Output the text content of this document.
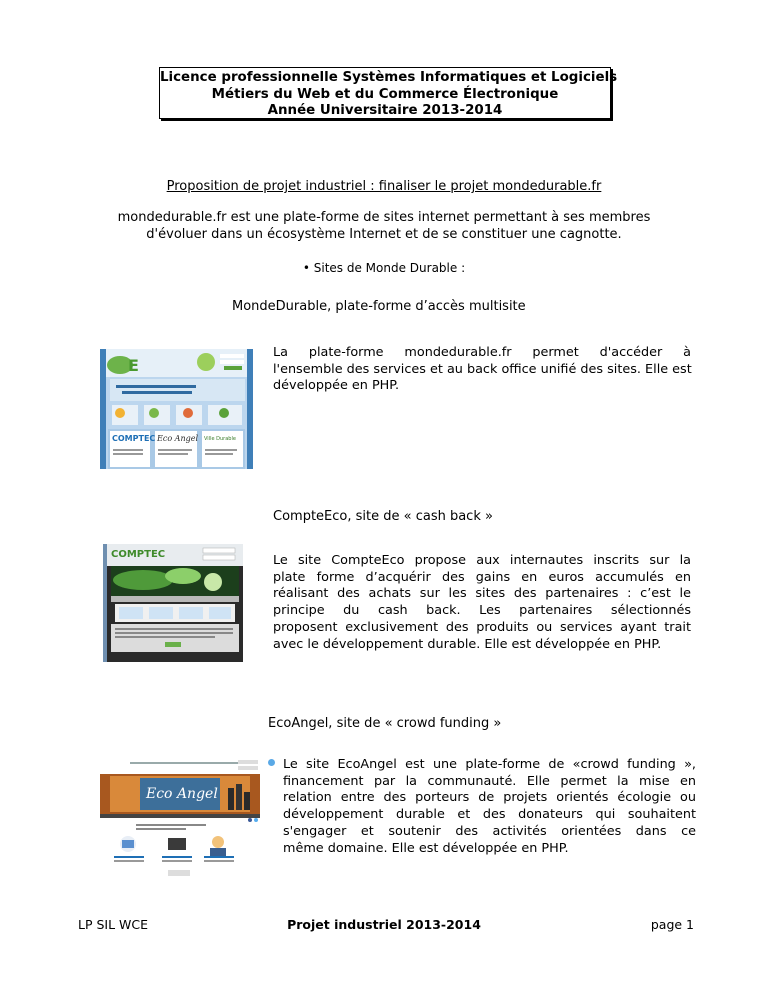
Licence professionnelle Systèmes Informatiques et Logiciels
Métiers du Web et du Commerce Électronique
Année Universitaire 2013-2014
Proposition de projet industriel : finaliser le projet mondedurable.fr
mondedurable.fr est une plate-forme de sites internet permettant à ses membres
d'évoluer dans un écosystème Internet et de se constituer une cagnotte.
• Sites de Monde Durable :
MondeDurable, plate-forme d’accès multisite
E
COMPTEC Eco Angel Ville Durable
La plate-forme mondedurable.fr permet d'accéder à
l'ensemble des services et au back office unifié des sites. Elle est
développée en PHP.
CompteEco, site de « cash back »
COMPTEC	Le site CompteEco propose aux internautes inscrits sur la
plate forme d’acquérir des gains en euros accumulés en
réalisant des achats sur les sites des partenaires : c’est le
principe du cash back. Les partenaires sélectionnés
proposent exclusivement des produits ou services ayant trait
avec le développement durable. Elle est développée en PHP.
EcoAngel, site de « crowd funding »
Eco Angel
Le site EcoAngel est une plate-forme de «crowd funding »,
financement par la communauté. Elle permet la mise en
relation entre des porteurs de projets orientés écologie ou
développement durable et des donateurs qui souhaitent
s'engager et soutenir des activités orientées dans ce
même domaine. Elle est développée en PHP.
LP SIL WCE	Projet industriel 2013-2014	page 1
